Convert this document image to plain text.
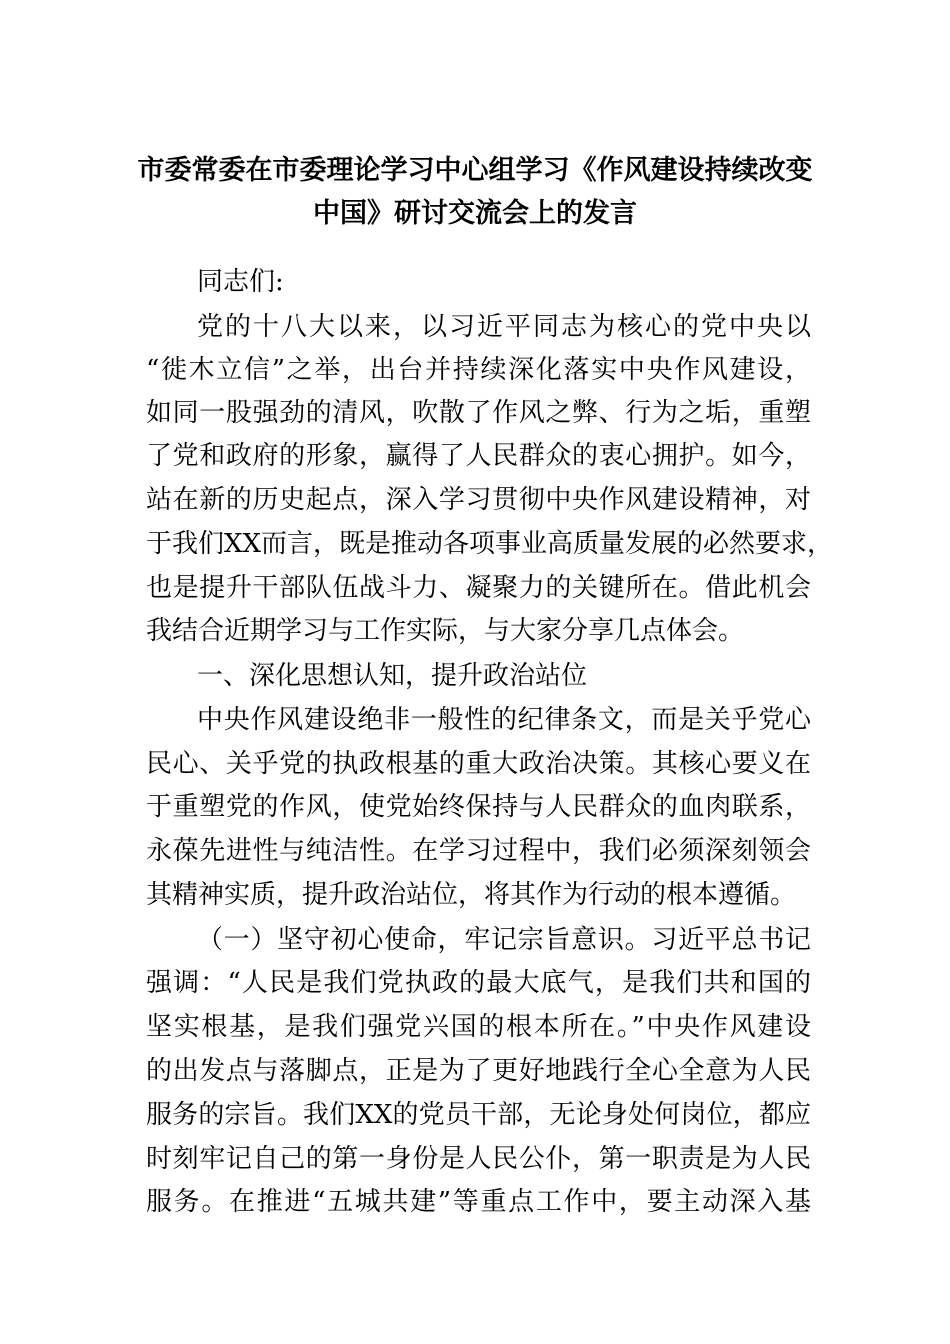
市委常委在市委理论学习中心组学习《作风建设持续改变
中国》研讨交流会上的发言
同志们:
党的十八大以来，以习近平同志为核心的党中央以
“徙木立信”之举，出台并持续深化落实中央作风建设，
如同一股强劲的清风，吹散了作风之弊、行为之垢，重塑
了党和政府的形象，赢得了人民群众的衷心拥护。如今，
站在新的历史起点，深入学习贯彻中央作风建设精神，对
于我们XX而言，既是推动各项事业高质量发展的必然要求，
也是提升干部队伍战斗力、凝聚力的关键所在。借此机会
我结合近期学习与工作实际，与大家分享几点体会。
一、深化思想认知，提升政治站位
中央作风建设绝非一般性的纪律条文，而是关乎党心
民心、关乎党的执政根基的重大政治决策。其核心要义在
于重塑党的作风，使党始终保持与人民群众的血肉联系，
永葆先进性与纯洁性。在学习过程中，我们必须深刻领会
其精神实质，提升政治站位，将其作为行动的根本遵循。
（一）坚守初心使命，牢记宗旨意识。习近平总书记
强调：“人民是我们党执政的最大底气，是我们共和国的
坚实根基，是我们强党兴国的根本所在。”中央作风建设
的出发点与落脚点，正是为了更好地践行全心全意为人民
服务的宗旨。我们XX的党员干部，无论身处何岗位，都应
时刻牢记自己的第一身份是人民公仆，第一职责是为人民
服务。在推进“五城共建”等重点工作中，要主动深入基
